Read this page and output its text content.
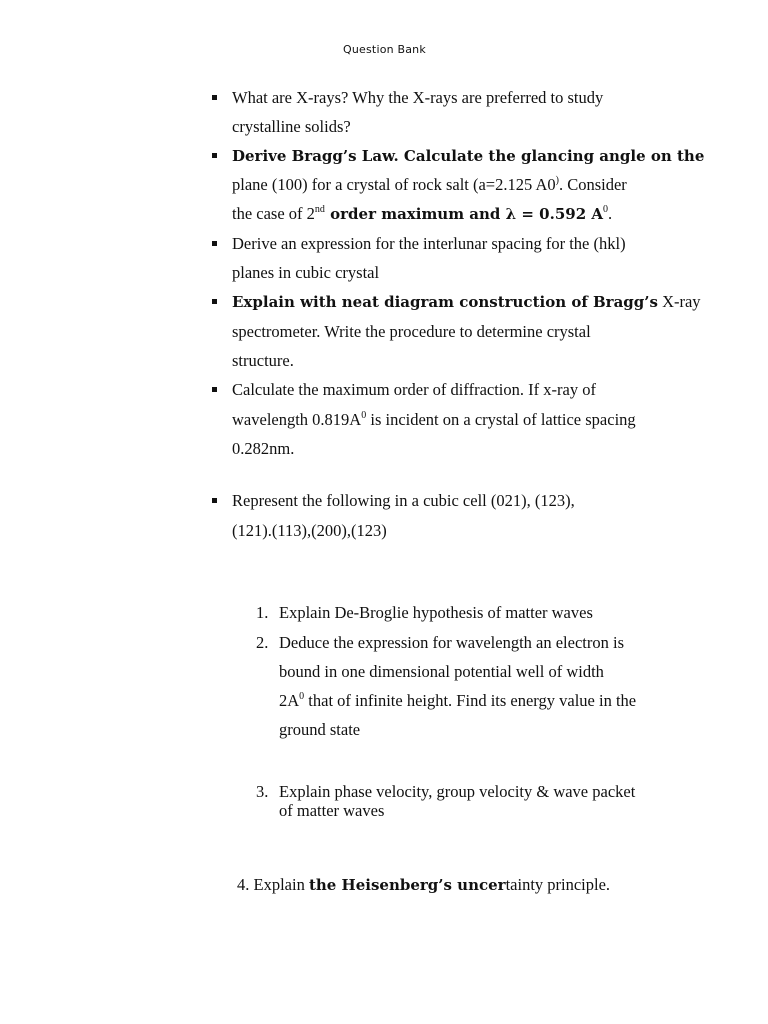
Question Bank
What are X-rays? Why the X-rays are preferred to study
crystalline solids?
Derive Bragg’s Law. Calculate the glancing angle on the
plane (100) for a crystal of rock salt (a=2.125 A0). Consider
the case of 2nd order maximum and λ = 0.592 $A^0$.
Derive an expression for the interlunar spacing for the (hkl)
planes in cubic crystal
Explain with neat diagram construction of Bragg’s X-ray
spectrometer. Write the procedure to determine crystal
structure.
Calculate the maximum order of diffraction. If x-ray of
wavelength $0.819A^0$ is incident on a crystal of lattice spacing
0.282nm.
Represent the following in a cubic cell (021), (123),
(121).(113),(200),(123)
1. Explain De-Broglie hypothesis of matter waves
2. Deduce the expression for wavelength an electron is
bound in one dimensional potential well of width
$2A^0$ that of infinite height. Find its energy value in the
ground state
3. Explain phase velocity, group velocity & wave packet
of matter waves
4. Explain the Heisenberg’s uncertainty principle.
